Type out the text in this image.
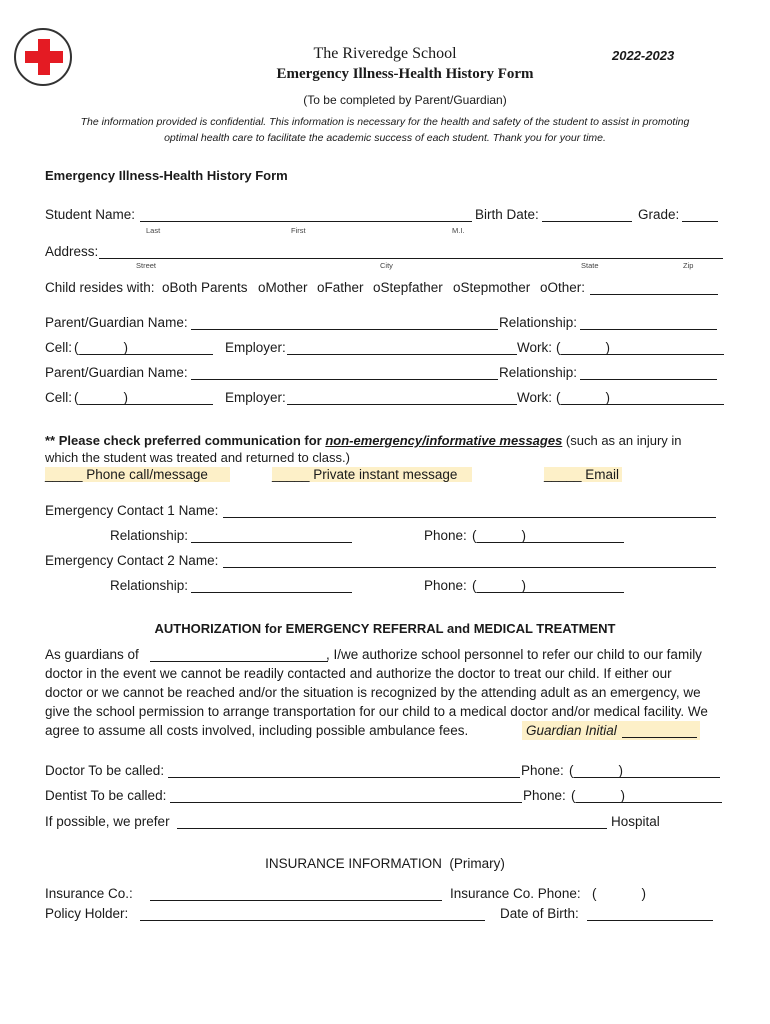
The Riveredge School	2022-2023
Emergency Illness-Health History Form
(To be completed by Parent/Guardian)
The information provided is confidential. This information is necessary for the health and safety of the student to assist in promoting
optimal health care to facilitate the academic success of each student. Thank you for your time.
Emergency Illness-Health History Form
Student Name:	Birth Date:	Grade:
Last	First	M.I.
Address:
Street	City	State	Zip
Child resides with: oBoth Parents oMother oFather oStepfather oStepmother oOther:
Parent/Guardian Name:	Relationship:
Cell: (______)	Employer:	Work: (______)
Parent/Guardian Name:	Relationship:
Cell: (______)	Employer:	Work: (______)
** Please check preferred communication for non-emergency/informative messages (such as an injury in
which the student was treated and returned to class.)
_____ Phone call/message	_____ Private instant message	_____ Email
Emergency Contact 1 Name:
Relationship:	Phone: (______)
Emergency Contact 2 Name:
Relationship:	Phone: (______)
AUTHORIZATION for EMERGENCY REFERRAL and MEDICAL TREATMENT
As guardians of	, I/we authorize school personnel to refer our child to our family
doctor in the event we cannot be readily contacted and authorize the doctor to treat our child. If either our
doctor or we cannot be reached and/or the situation is recognized by the attending adult as an emergency, we
give the school permission to arrange transportation for our child to a medical doctor and/or medical facility. We
agree to assume all costs involved, including possible ambulance fees.	Guardian Initial
Doctor To be called:	Phone: (______)
Dentist To be called:	Phone: (______)
If possible, we prefer	Hospital
INSURANCE INFORMATION  (Primary)
Insurance Co.:	Insurance Co. Phone: (            )
Policy Holder:	Date of Birth:
